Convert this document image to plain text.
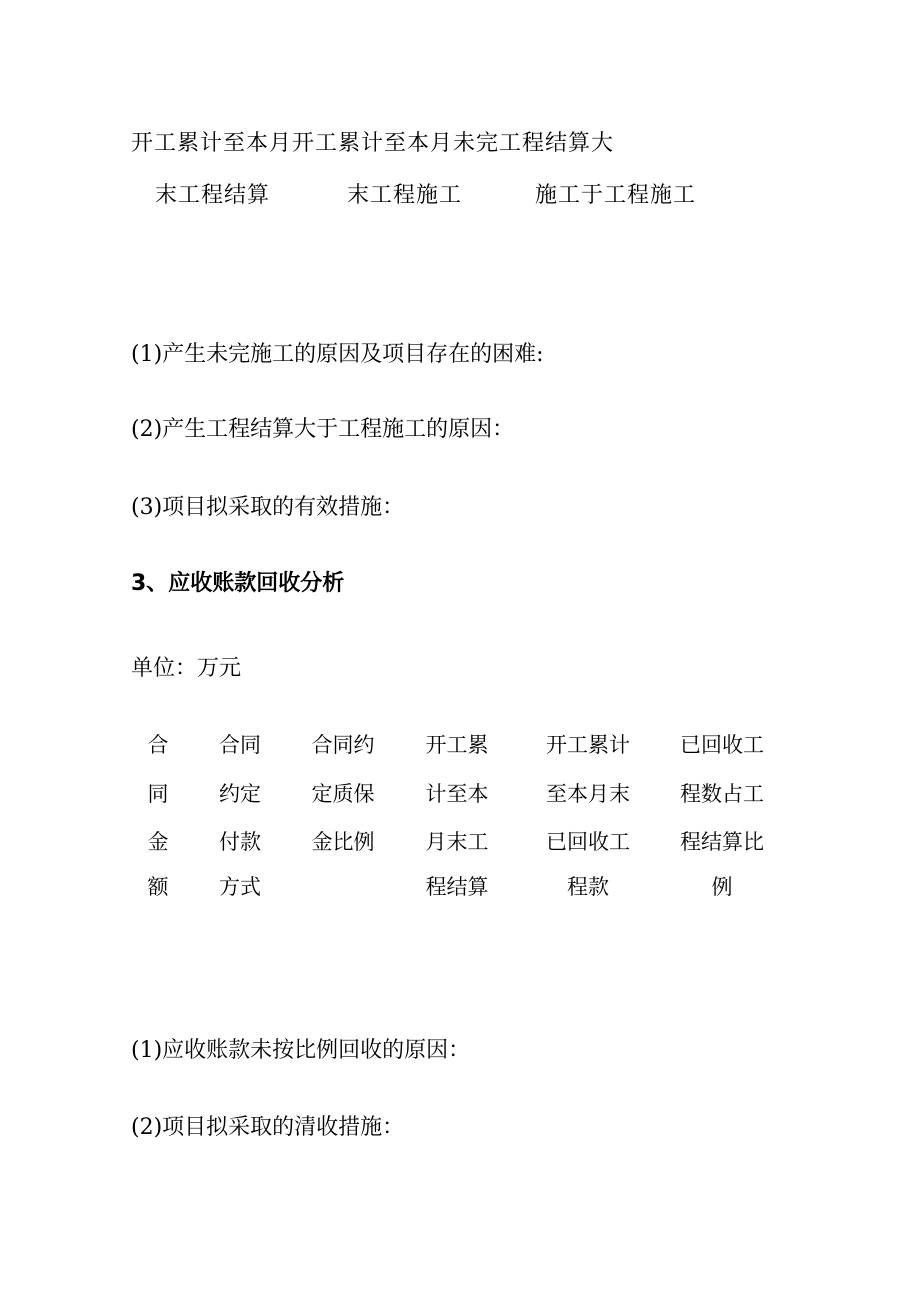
开工累计至本月开工累计至本月未完工程结算大
末工程结算	末工程施工	施工于工程施工
(1)产生未完施工的原因及项目存在的困难:
(2)产生工程结算大于工程施工的原因：
(3)项目拟采取的有效措施：
3、应收账款回收分析
单位：万元
合
同
金
额
合同
约定
付款
方式
合同约
定质保
金比例
开工累
计至本
月末工
程结算
开工累计
至本月末
已回收工
程款
已回收工
程数占工
程结算比
例
(1)应收账款未按比例回收的原因：
(2)项目拟采取的清收措施：
